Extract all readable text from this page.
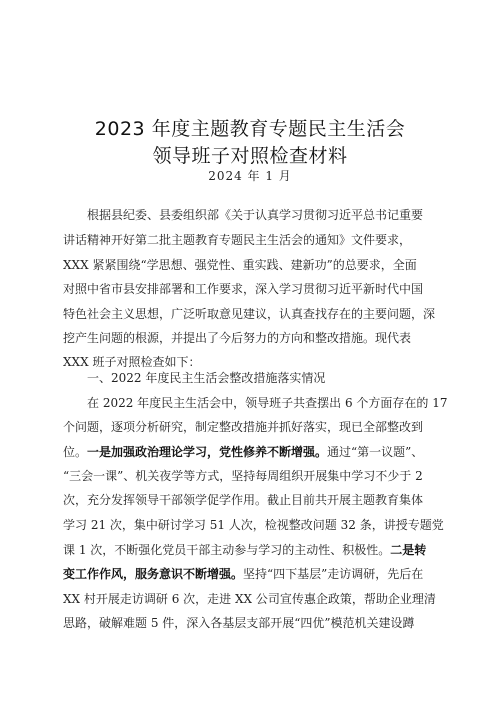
2023 年度主题教育专题民主生活会
领导班子对照检查材料
2024 年 1 月
根据县纪委、县委组织部《关于认真学习贯彻习近平总书记重要
讲话精神开好第二批主题教育专题民主生活会的通知》文件要求，
XXX 紧紧围绕“学思想、强党性、重实践、建新功”的总要求，全面
对照中省市县安排部署和工作要求，深入学习贯彻习近平新时代中国
特色社会主义思想，广泛听取意见建议，认真查找存在的主要问题，深
挖产生问题的根源，并提出了今后努力的方向和整改措施。现代表
XXX 班子对照检查如下：
一、2022 年度民主生活会整改措施落实情况
在 2022 年度民主生活会中，领导班子共查摆出 6 个方面存在的 17
个问题，逐项分析研究，制定整改措施并抓好落实，现已全部整改到
位。一是加强政治理论学习，党性修养不断增强。通过“第一议题”、
“三会一课”、机关夜学等方式，坚持每周组织开展集中学习不少于 2
次，充分发挥领导干部领学促学作用。截止目前共开展主题教育集体
学习 21 次，集中研讨学习 51 人次，检视整改问题 32 条，讲授专题党
课 1 次，不断强化党员干部主动参与学习的主动性、积极性。二是转
变工作作风，服务意识不断增强。坚持“四下基层”走访调研，先后在
XX 村开展走访调研 6 次，走进 XX 公司宣传惠企政策，帮助企业理清
思路，破解难题 5 件，深入各基层支部开展“四优”模范机关建设蹲
